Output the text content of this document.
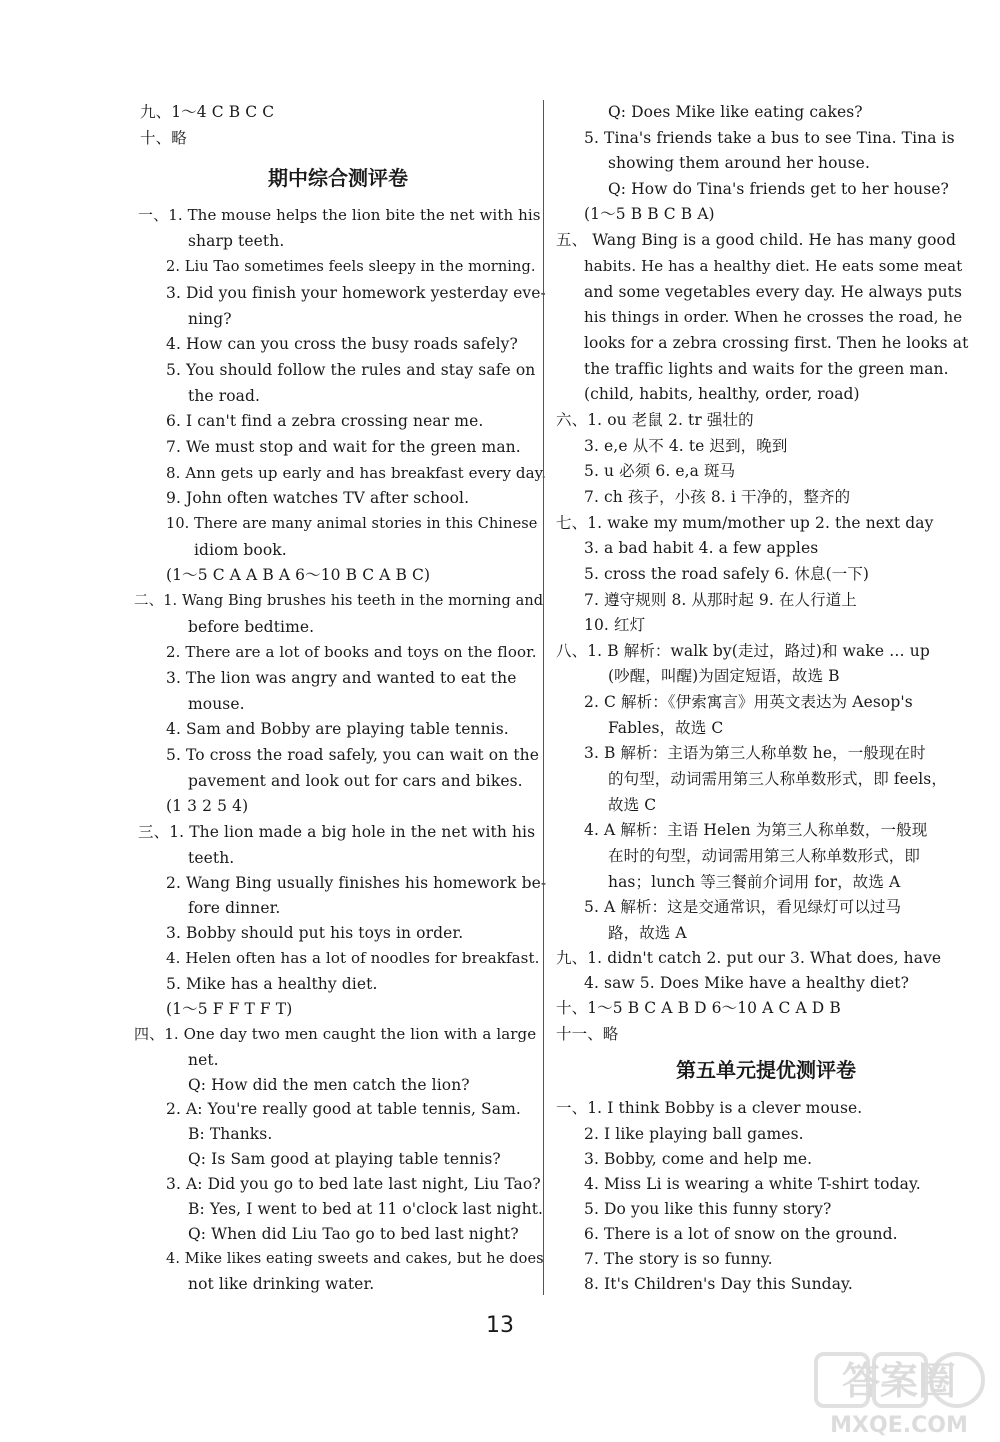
九、1～4 C B C C
十、略
期中综合测评卷
一、1. The mouse helps the lion bite the net with his
sharp teeth.
2. Liu Tao sometimes feels sleepy in the morning.
3. Did you finish your homework yesterday eve-
ning?
4. How can you cross the busy roads safely?
5. You should follow the rules and stay safe on
the road.
6. I can't find a zebra crossing near me.
7. We must stop and wait for the green man.
8. Ann gets up early and has breakfast every day.
9. John often watches TV after school.
10. There are many animal stories in this Chinese
idiom book.
(1～5 C A A B A 6～10 B C A B C)
二、1. Wang Bing brushes his teeth in the morning and
before bedtime.
2. There are a lot of books and toys on the floor.
3. The lion was angry and wanted to eat the
mouse.
4. Sam and Bobby are playing table tennis.
5. To cross the road safely, you can wait on the
pavement and look out for cars and bikes.
(1 3 2 5 4)
三、1. The lion made a big hole in the net with his
teeth.
2. Wang Bing usually finishes his homework be-
fore dinner.
3. Bobby should put his toys in order.
4. Helen often has a lot of noodles for breakfast.
5. Mike has a healthy diet.
(1～5 F F T F T)
四、1. One day two men caught the lion with a large
net.
Q: How did the men catch the lion?
2. A: You're really good at table tennis, Sam.
B: Thanks.
Q: Is Sam good at playing table tennis?
3. A: Did you go to bed late last night, Liu Tao?
B: Yes, I went to bed at 11 o'clock last night.
Q: When did Liu Tao go to bed last night?
4. Mike likes eating sweets and cakes, but he does
not like drinking water.
Q: Does Mike like eating cakes?
5. Tina's friends take a bus to see Tina. Tina is
showing them around her house.
Q: How do Tina's friends get to her house?
(1～5 B B C B A)
五、 Wang Bing is a good child. He has many good
habits. He has a healthy diet. He eats some meat
and some vegetables every day. He always puts
his things in order. When he crosses the road, he
looks for a zebra crossing first. Then he looks at
the traffic lights and waits for the green man.
(child, habits, healthy, order, road)
六、1. ou 老鼠 2. tr 强壮的
3. e,e 从不 4. te 迟到，晚到
5. u 必须 6. e,a 斑马
7. ch 孩子，小孩 8. i 干净的，整齐的
七、1. wake my mum/mother up 2. the next day
3. a bad habit 4. a few apples
5. cross the road safely 6. 休息(一下)
7. 遵守规则 8. 从那时起 9. 在人行道上
10. 红灯
八、1. B 解析：walk by(走过，路过)和 wake … up
(吵醒，叫醒)为固定短语，故选 B
2. C 解析：《伊索寓言》用英文表达为 Aesop's
Fables，故选 C
3. B 解析：主语为第三人称单数 he，一般现在时
的句型，动词需用第三人称单数形式，即 feels，
故选 C
4. A 解析：主语 Helen 为第三人称单数，一般现
在时的句型，动词需用第三人称单数形式，即
has；lunch 等三餐前介词用 for，故选 A
5. A 解析：这是交通常识，看见绿灯可以过马
路，故选 A
九、1. didn't catch 2. put our 3. What does, have
4. saw 5. Does Mike have a healthy diet?
十、1～5 B C A B D 6～10 A C A D B
十一、略
第五单元提优测评卷
一、1. I think Bobby is a clever mouse.
2. I like playing ball games.
3. Bobby, come and help me.
4. Miss Li is wearing a white T-shirt today.
5. Do you like this funny story?
6. There is a lot of snow on the ground.
7. The story is so funny.
8. It's Children's Day this Sunday.
13
答案圈
MXQE.COM
